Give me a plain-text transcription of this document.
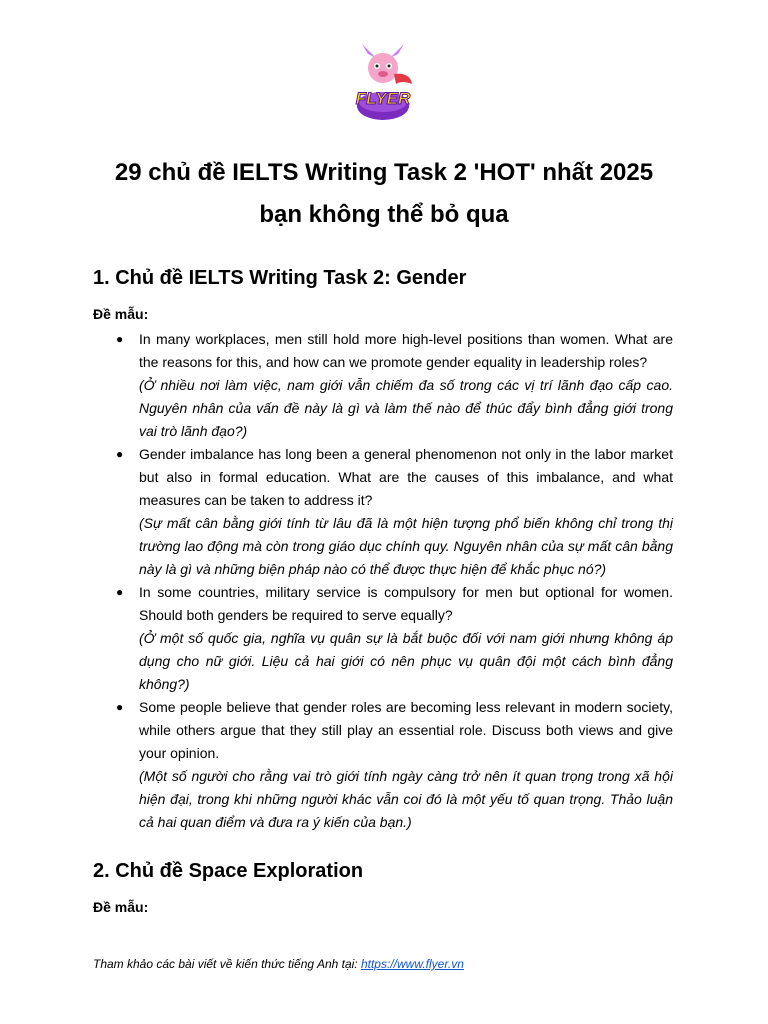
FLYER
29 chủ đề IELTS Writing Task 2 'HOT' nhất 2025
bạn không thể bỏ qua
1. Chủ đề IELTS Writing Task 2: Gender

Đề mẫu:

● In many workplaces, men still hold more high-level positions than women. What are the reasons for this, and how can we promote gender equality in leadership roles?
(Ở nhiều nơi làm việc, nam giới vẫn chiếm đa số trong các vị trí lãnh đạo cấp cao. Nguyên nhân của vấn đề này là gì và làm thế nào để thúc đẩy bình đẳng giới trong vai trò lãnh đạo?)
● Gender imbalance has long been a general phenomenon not only in the labor market but also in formal education. What are the causes of this imbalance, and what measures can be taken to address it?
(Sự mất cân bằng giới tính từ lâu đã là một hiện tượng phổ biến không chỉ trong thị trường lao động mà còn trong giáo dục chính quy. Nguyên nhân của sự mất cân bằng này là gì và những biện pháp nào có thể được thực hiện để khắc phục nó?)
● In some countries, military service is compulsory for men but optional for women. Should both genders be required to serve equally?
(Ở một số quốc gia, nghĩa vụ quân sự là bắt buộc đối với nam giới nhưng không áp dụng cho nữ giới. Liệu cả hai giới có nên phục vụ quân đội một cách bình đẳng không?)
● Some people believe that gender roles are becoming less relevant in modern society, while others argue that they still play an essential role. Discuss both views and give your opinion.
(Một số người cho rằng vai trò giới tính ngày càng trở nên ít quan trọng trong xã hội hiện đại, trong khi những người khác vẫn coi đó là một yếu tố quan trọng. Thảo luận cả hai quan điểm và đưa ra ý kiến của bạn.)
2. Chủ đề Space Exploration

Đề mẫu:

Tham khảo các bài viết về kiến thức tiếng Anh tại: https://www.flyer.vn
